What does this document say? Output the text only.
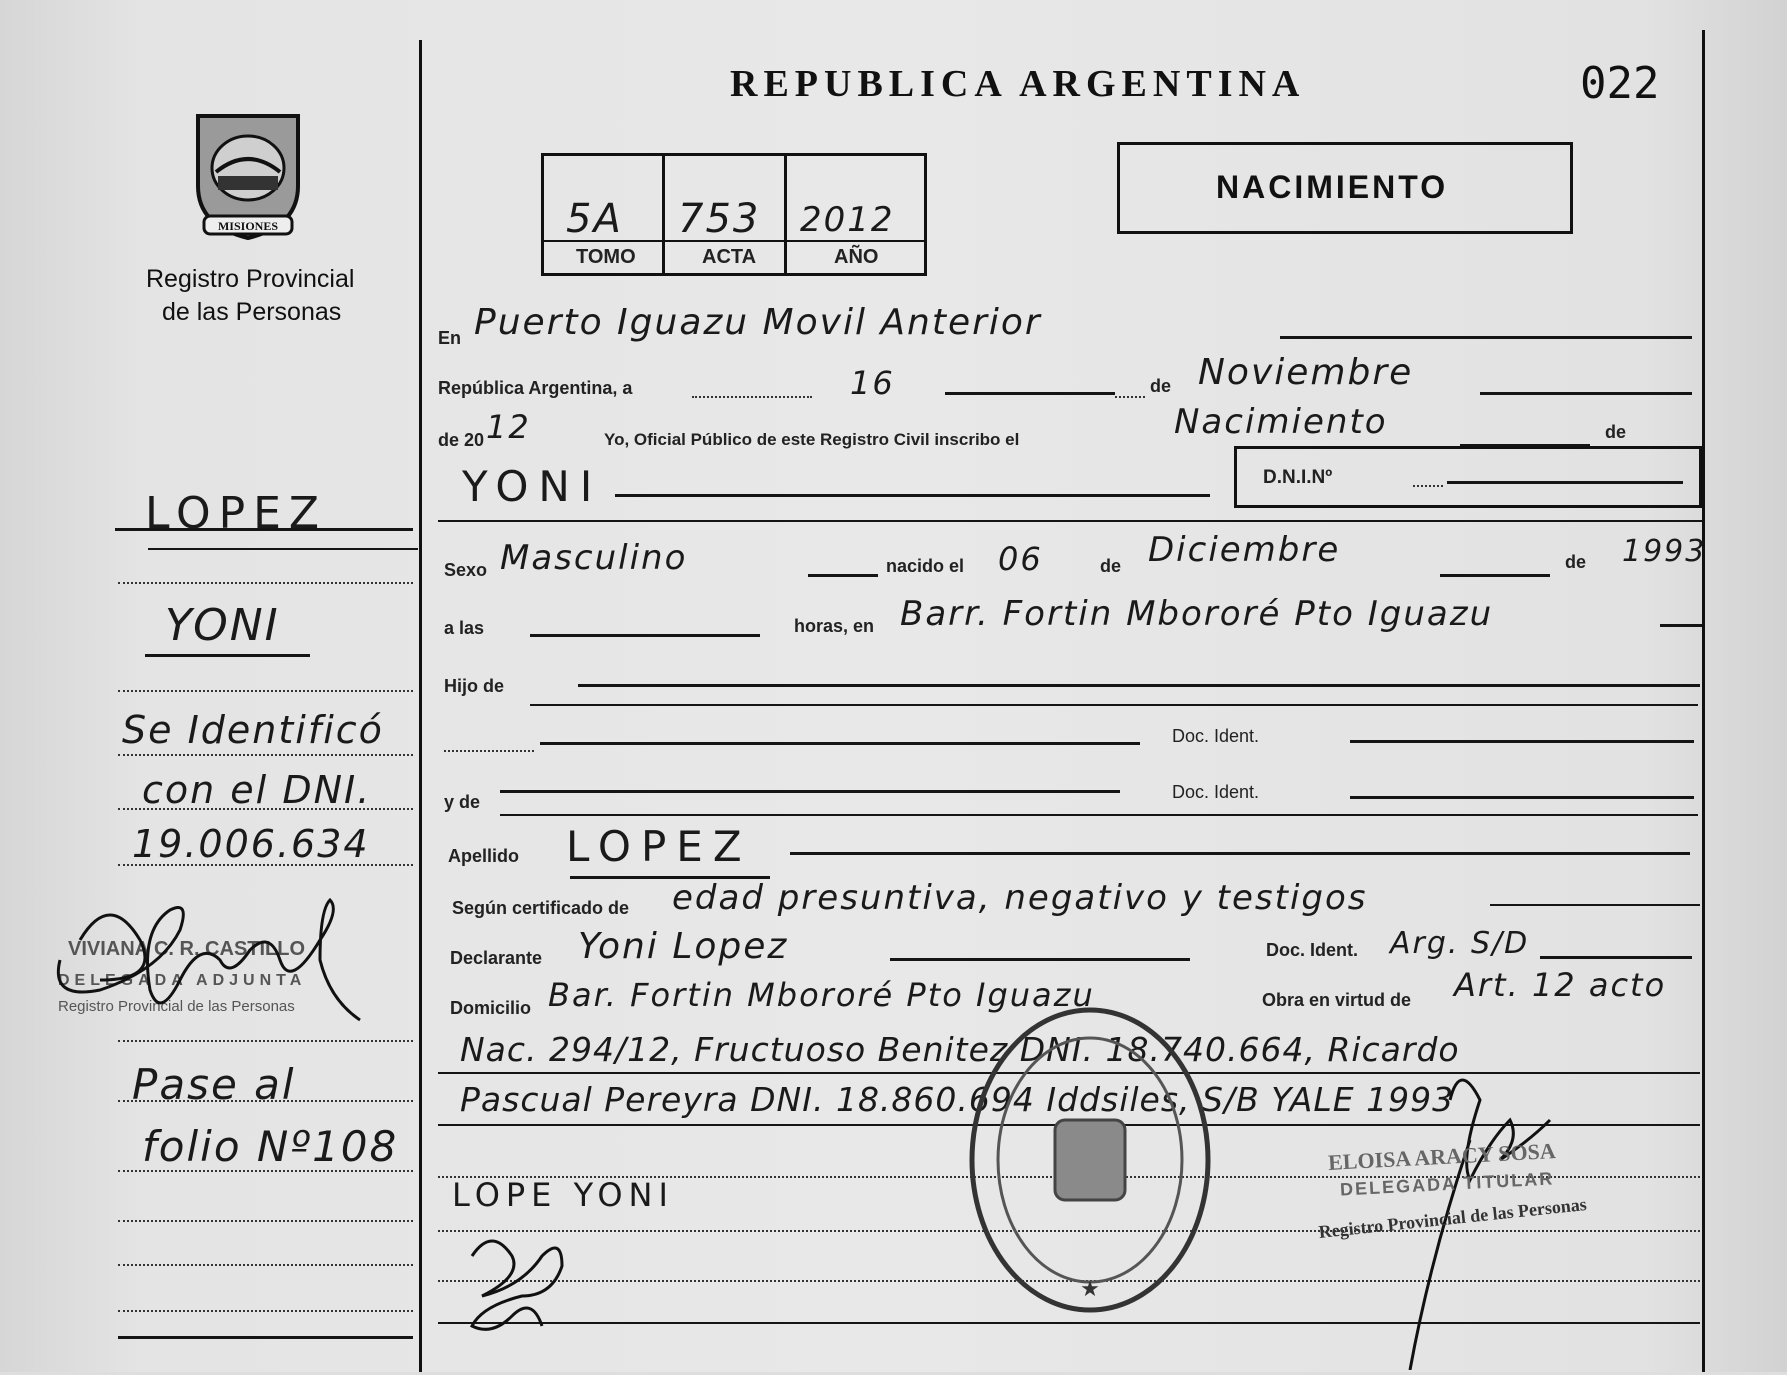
REPUBLICA ARGENTINA	022
MISIONES
Registro Provincial
de las Personas
5A 753 2012
TOMO	ACTA	AÑO
NACIMIENTO
LOPEZ
YONI
Se Identificó
con el DNI.
19.006.634
VIVIANA C. R. CASTILLO
DELEGADA ADJUNTA
Registro Provincial de las Personas
Pase al
folio Nº108
En Puerto Iguazu Movil Anterior
República Argentina, a	16	de Noviembre
de 20 12	Yo, Oficial Público de este Registro Civil inscribo el	Nacimiento	de
YONI	D.N.I.Nº
Sexo Masculino	nacido el 06	de Diciembre	de 1993
a las	horas, en Barr. Fortin Mbororé Pto Iguazu
Hijo de
Doc. Ident.
y de	Doc. Ident.
Apellido LOPEZ
Según certificado de edad presuntiva, negativo y testigos
Declarante Yoni Lopez	Doc. Ident. Arg. S/D
Domicilio Bar. Fortin Mbororé Pto Iguazu	Obra en virtud de Art. 12 acto
Nac. 294/12, Fructuoso Benitez DNI. 18.740.664, Ricardo
Pascual Pereyra DNI. 18.860.694 Iddsiles, S/B YALE 1993
LOPE YONI
★
ELOISA ARACY SOSA
DELEGADA TITULAR
Registro Provincial de las Personas
